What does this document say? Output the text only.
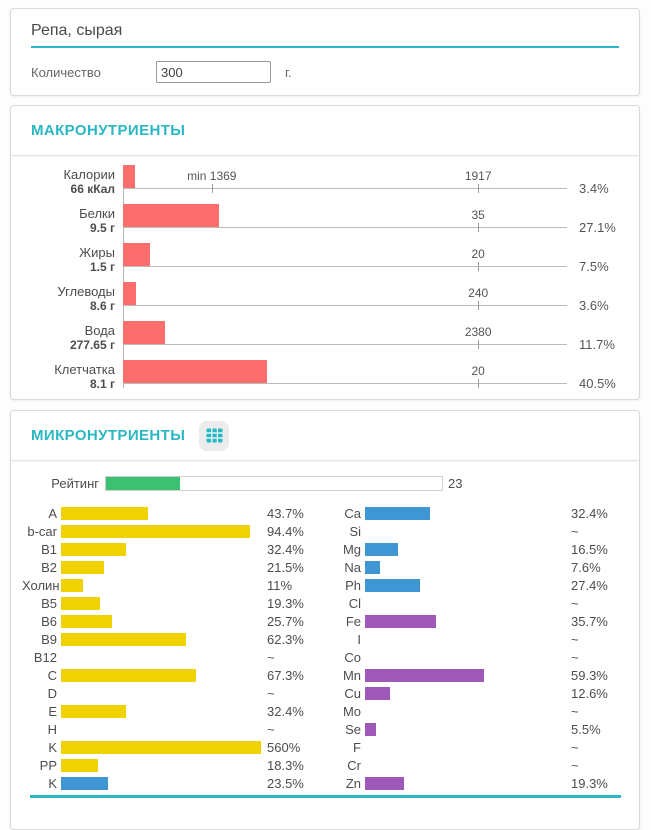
Репа, сырая
Количество
300	г.
МАКРОНУТРИЕНТЫ
Калории
66 кКал
1917
min 1369
3.4%
Белки
9.5 г
35
27.1%
Жиры
1.5 г
20
7.5%
Углеводы
8.6 г
240
3.6%
Вода
277.65 г
2380
11.7%
Клетчатка
8.1 г
20
40.5%
МИКРОНУТРИЕНТЫ
Рейтинг	23
A	43.7%
b-car	94.4%
B1	32.4%
B2	21.5%
Холин	11%
B5	19.3%
B6	25.7%
B9	62.3%
B12	~
C	67.3%
D	~
E	32.4%
H	~
K	560%
PP	18.3%
K	23.5%
Ca	32.4%
Si	~
Mg	16.5%
Na	7.6%
Ph	27.4%
Cl	~
Fe	35.7%
I	~
Co	~
Mn	59.3%
Cu	12.6%
Mo	~
Se	5.5%
F	~
Cr	~
Zn	19.3%
